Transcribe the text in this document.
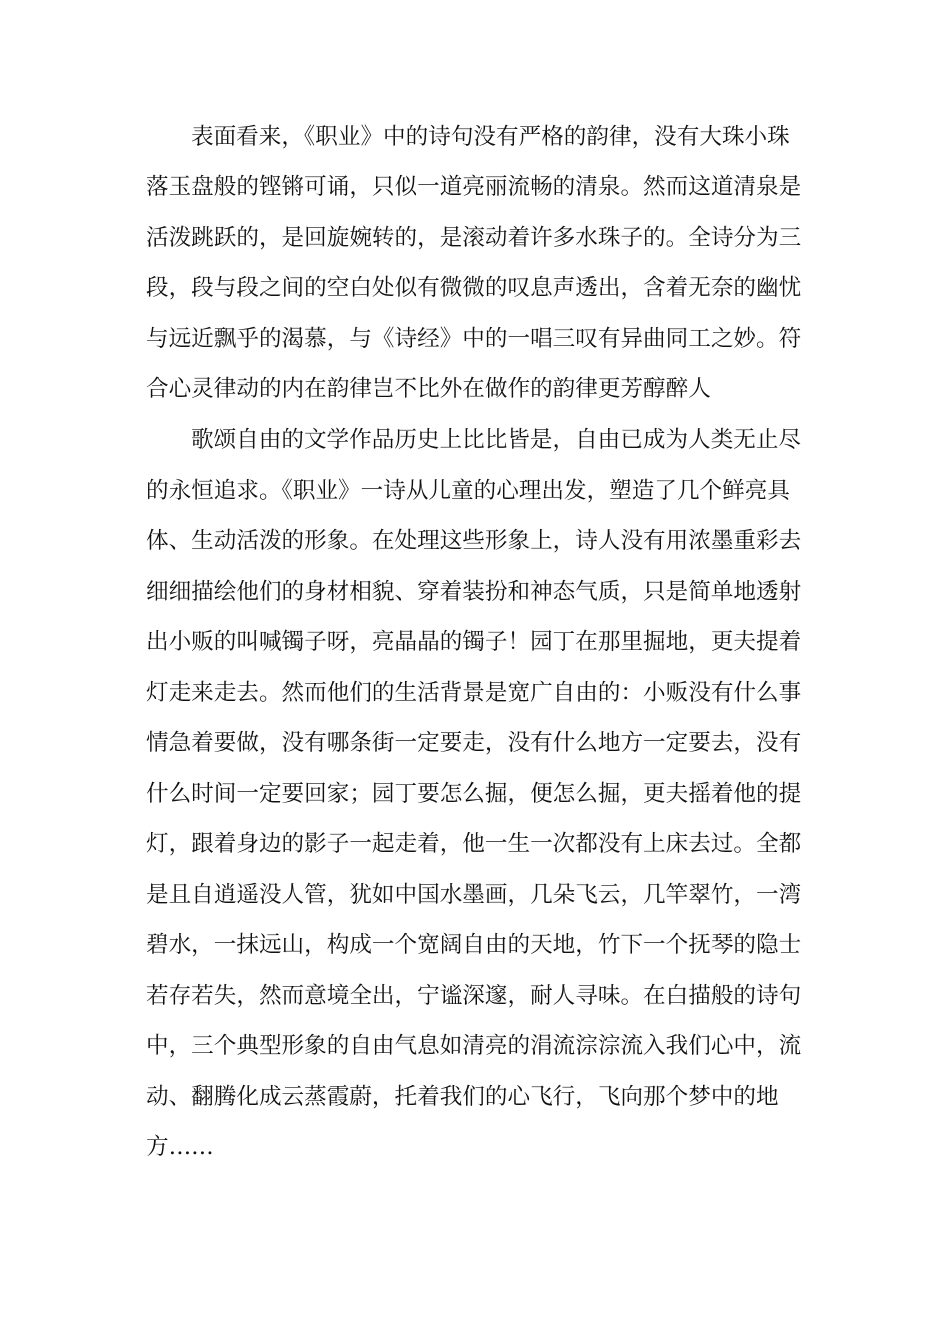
表面看来，《职业》中的诗句没有严格的韵律，没有大珠小珠
落玉盘般的铿锵可诵，只似一道亮丽流畅的清泉。然而这道清泉是
活泼跳跃的，是回旋婉转的，是滚动着许多水珠子的。全诗分为三
段，段与段之间的空白处似有微微的叹息声透出，含着无奈的幽忧
与远近飘乎的渴慕，与《诗经》中的一唱三叹有异曲同工之妙。符
合心灵律动的内在韵律岂不比外在做作的韵律更芳醇醉人
歌颂自由的文学作品历史上比比皆是，自由已成为人类无止尽
的永恒追求。《职业》一诗从儿童的心理出发，塑造了几个鲜亮具
体、生动活泼的形象。在处理这些形象上，诗人没有用浓墨重彩去
细细描绘他们的身材相貌、穿着装扮和神态气质，只是简单地透射
出小贩的叫喊镯子呀，亮晶晶的镯子！园丁在那里掘地，更夫提着
灯走来走去。然而他们的生活背景是宽广自由的：小贩没有什么事
情急着要做，没有哪条街一定要走，没有什么地方一定要去，没有
什么时间一定要回家；园丁要怎么掘，便怎么掘，更夫摇着他的提
灯，跟着身边的影子一起走着，他一生一次都没有上床去过。全都
是且自逍遥没人管，犹如中国水墨画，几朵飞云，几竿翠竹，一湾
碧水，一抹远山，构成一个宽阔自由的天地，竹下一个抚琴的隐士
若存若失，然而意境全出，宁谧深邃，耐人寻味。在白描般的诗句
中，三个典型形象的自由气息如清亮的涓流淙淙流入我们心中，流
动、翻腾化成云蒸霞蔚，托着我们的心飞行，飞向那个梦中的地
方……
